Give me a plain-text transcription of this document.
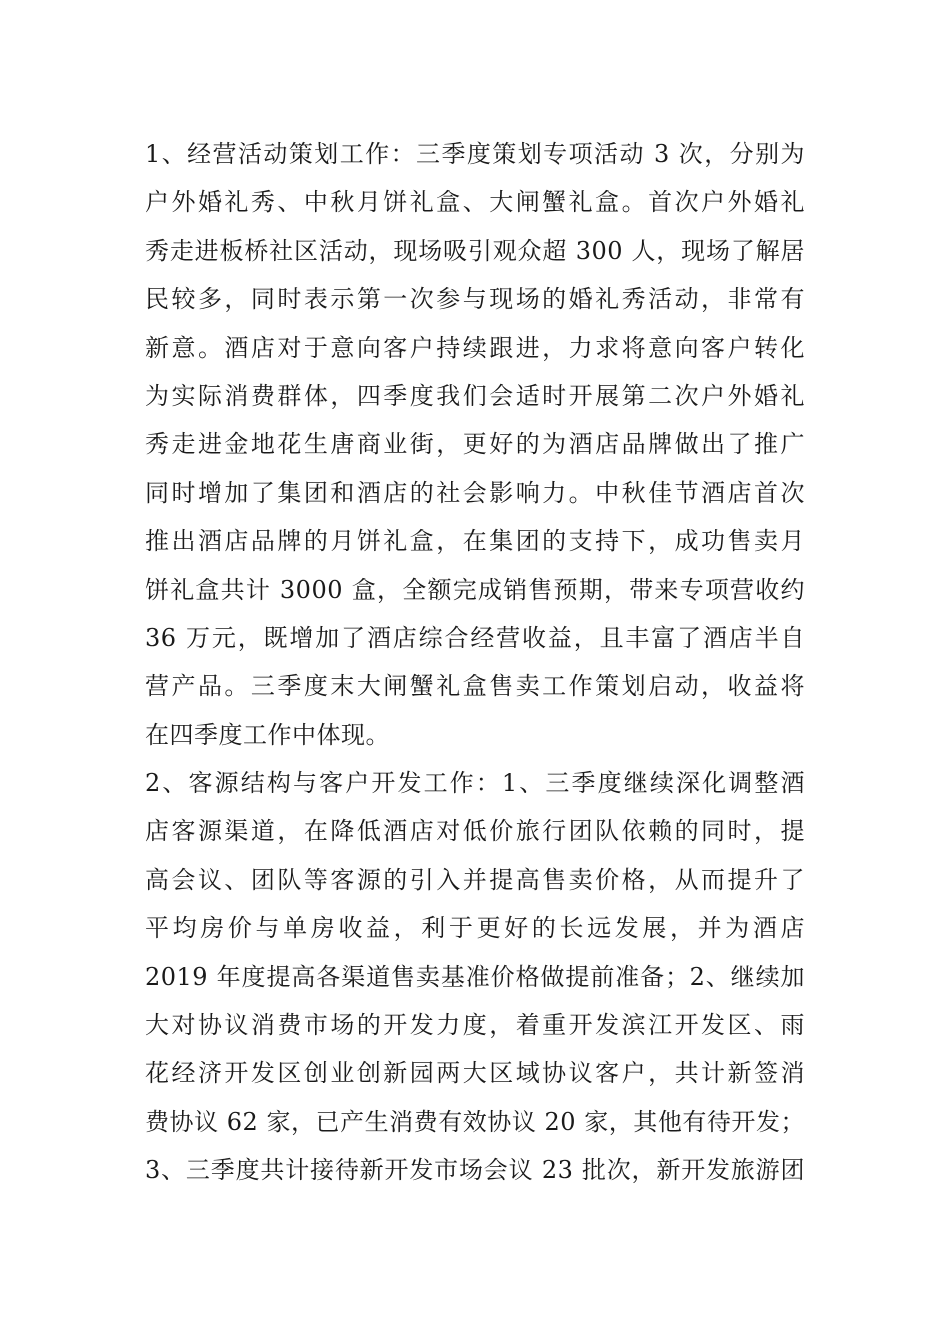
1、经营活动策划工作：三季度策划专项活动 3 次，分别为
户外婚礼秀、中秋月饼礼盒、大闸蟹礼盒。首次户外婚礼
秀走进板桥社区活动，现场吸引观众超 300 人，现场了解居
民较多，同时表示第一次参与现场的婚礼秀活动，非常有
新意。酒店对于意向客户持续跟进，力求将意向客户转化
为实际消费群体，四季度我们会适时开展第二次户外婚礼
秀走进金地花生唐商业街，更好的为酒店品牌做出了推广
同时增加了集团和酒店的社会影响力。中秋佳节酒店首次
推出酒店品牌的月饼礼盒，在集团的支持下，成功售卖月
饼礼盒共计 3000 盒，全额完成销售预期，带来专项营收约
36 万元，既增加了酒店综合经营收益，且丰富了酒店半自
营产品。三季度末大闸蟹礼盒售卖工作策划启动，收益将
在四季度工作中体现。
2、客源结构与客户开发工作：1、三季度继续深化调整酒
店客源渠道，在降低酒店对低价旅行团队依赖的同时，提
高会议、团队等客源的引入并提高售卖价格，从而提升了
平均房价与单房收益，利于更好的长远发展，并为酒店
2019 年度提高各渠道售卖基准价格做提前准备；2、继续加
大对协议消费市场的开发力度，着重开发滨江开发区、雨
花经济开发区创业创新园两大区域协议客户，共计新签消
费协议 62 家，已产生消费有效协议 20 家，其他有待开发；
3、三季度共计接待新开发市场会议 23 批次，新开发旅游团
